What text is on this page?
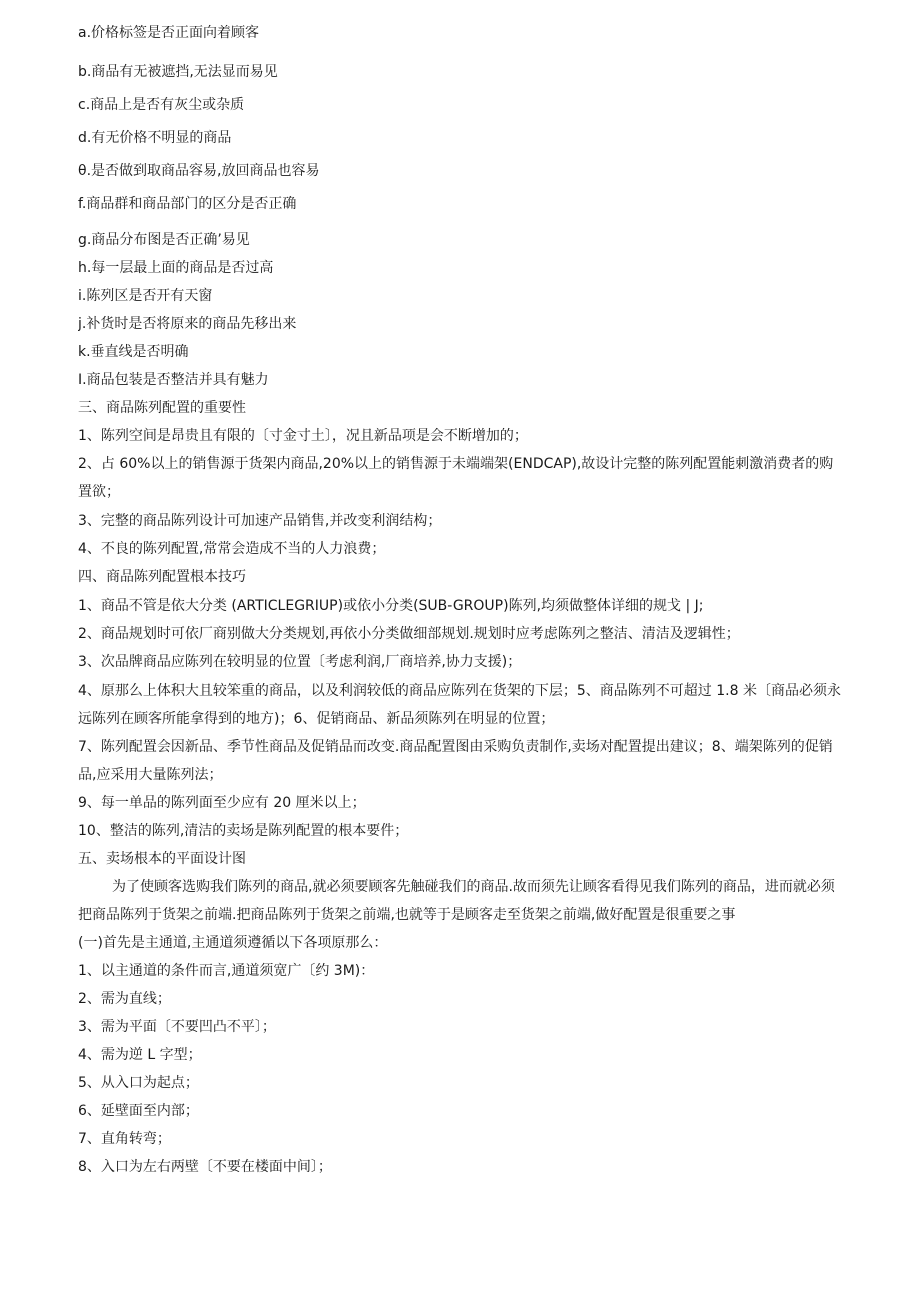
a.价格标签是否正面向着顾客
b.商品有无被遮挡,无法显而易见
c.商品上是否有灰尘或杂质
d.有无价格不明显的商品
θ.是否做到取商品容易,放回商品也容易
f.商品群和商品部门的区分是否正确
g.商品分布图是否正确’易见
h.每一层最上面的商品是否过高
i.陈列区是否开有天窗
j.补货时是否将原来的商品先移出来
k.垂直线是否明确
I.商品包装是否整洁并具有魅力
三、商品陈列配置的重要性
1、陈列空间是昂贵且有限的〔寸金寸土〕，况且新品项是会不断增加的；
2、占 60%以上的销售源于货架内商品,20%以上的销售源于未端端架(ENDCAP),故设计完整的陈列配置能刺激消费者的购置欲；
3、完整的商品陈列设计可加速产品销售,并改变利润结构；
4、不良的陈列配置,常常会造成不当的人力浪费；
四、商品陈列配置根本技巧
1、商品不管是依大分类 (ARTICLEGRIUP)或依小分类(SUB-GROUP)陈列,均须做整体详细的规戈 | J;
2、商品规划时可依厂商别做大分类规划,再依小分类做细部规划.规划时应考虑陈列之整洁、清洁及逻辑性；
3、次品牌商品应陈列在较明显的位置〔考虑利润,厂商培养,协力支援)；
4、原那么上体积大且较笨重的商品，以及利润较低的商品应陈列在货架的下层；5、商品陈列不可超过 1.8 米〔商品必须永远陈列在顾客所能拿得到的地方)；6、促销商品、新品须陈列在明显的位置；
7、陈列配置会因新品、季节性商品及促销品而改变.商品配置图由采购负责制作,卖场对配置提出建议；8、端架陈列的促销品,应采用大量陈列法；
9、每一单品的陈列面至少应有 20 厘米以上；
10、整洁的陈列,清洁的卖场是陈列配置的根本要件；
五、卖场根本的平面设计图
为了使顾客选购我们陈列的商品,就必须要顾客先触碰我们的商品.故而须先让顾客看得见我们陈列的商品，进而就必须把商品陈列于货架之前端.把商品陈列于货架之前端,也就等于是顾客走至货架之前端,做好配置是很重要之事
(一)首先是主通道,主通道须遵循以下各项原那么：
1、以主通道的条件而言,通道须宽广〔约 3M)：
2、需为直线；
3、需为平面〔不要凹凸不平〕；
4、需为逆 L 字型；
5、从入口为起点；
6、延壁面至内部；
7、直角转弯；
8、入口为左右两壁〔不要在楼面中间〕；
